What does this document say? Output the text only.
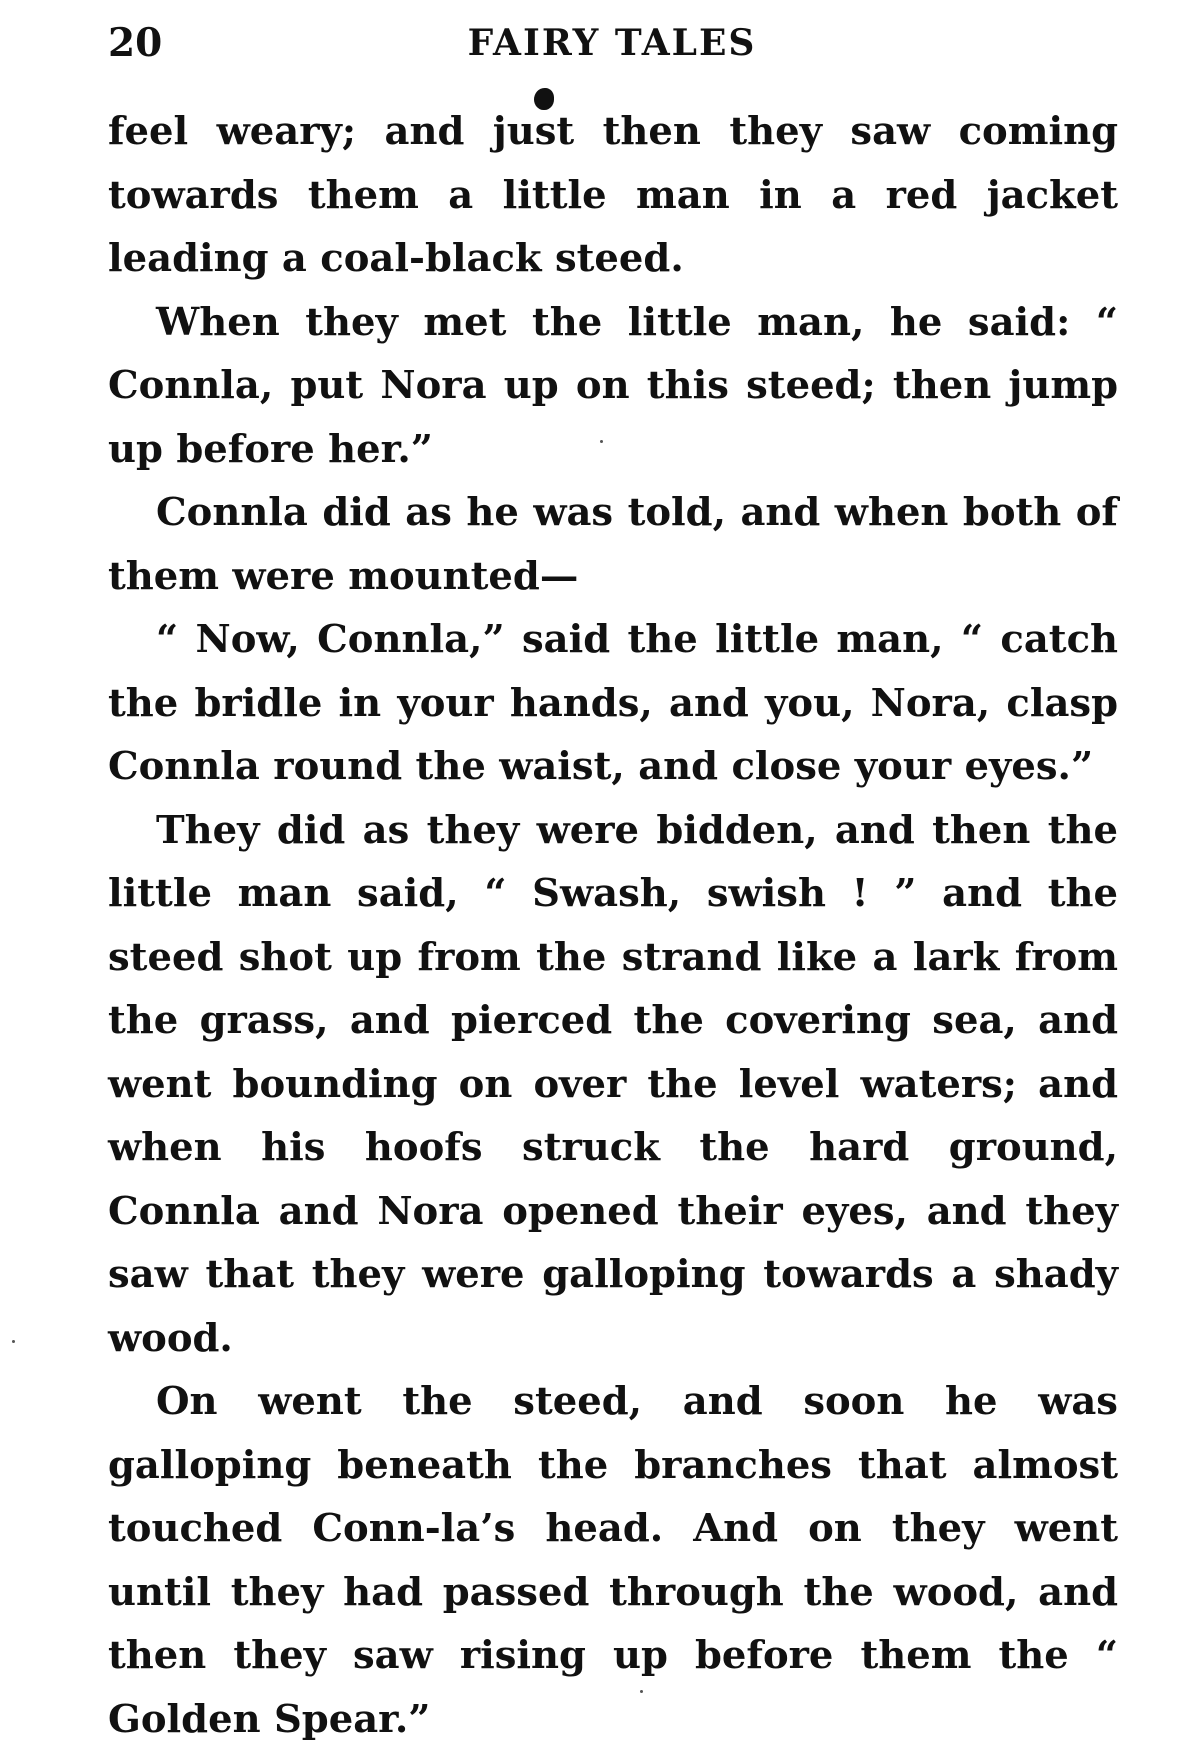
20	FAIRY TALES

feel weary; and just then they saw coming towards them a little man in a red jacket leading a coal-black steed.

When they met the little man, he said: “ Connla, put Nora up on this steed; then jump up before her.”

Connla did as he was told, and when both of them were mounted—

“ Now, Connla,” said the little man, “ catch the bridle in your hands, and you, Nora, clasp Connla round the waist, and close your eyes.”

They did as they were bidden, and then the little man said, “ Swash, swish ! ” and the steed shot up from the strand like a lark from the grass, and pierced the covering sea, and went bounding on over the level waters; and when his hoofs struck the hard ground, Connla and Nora opened their eyes, and they saw that they were galloping towards a shady wood.

On went the steed, and soon he was galloping beneath the branches that almost touched Conn-la’s head. And on they went until they had passed through the wood, and then they saw rising up before them the “ Golden Spear.”
